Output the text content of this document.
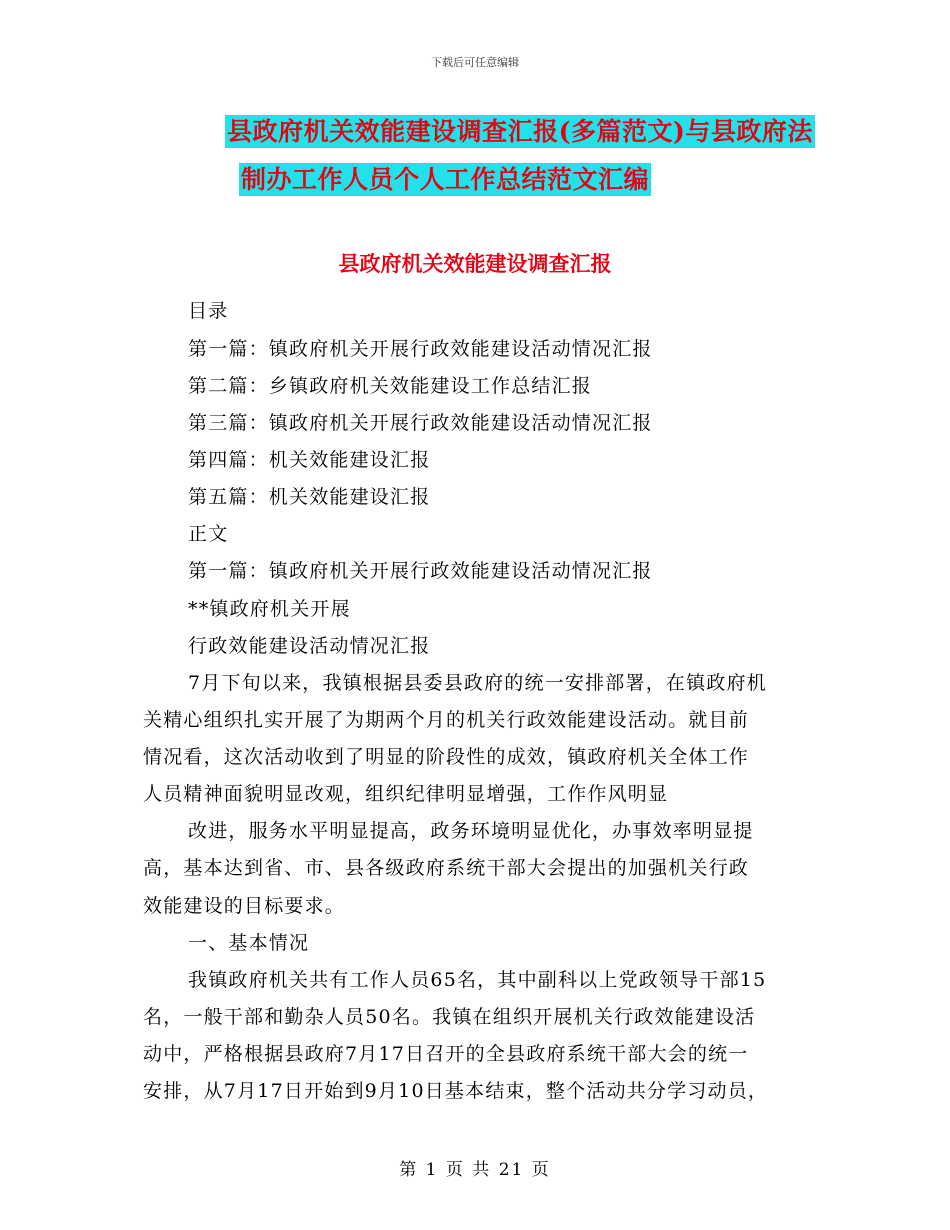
下载后可任意编辑
县政府机关效能建设调查汇报(多篇范文)与县政府法
制办工作人员个人工作总结范文汇编
县政府机关效能建设调查汇报
目录
第一篇：镇政府机关开展行政效能建设活动情况汇报
第二篇：乡镇政府机关效能建设工作总结汇报
第三篇：镇政府机关开展行政效能建设活动情况汇报
第四篇：机关效能建设汇报
第五篇：机关效能建设汇报
正文
第一篇：镇政府机关开展行政效能建设活动情况汇报
**镇政府机关开展
行政效能建设活动情况汇报
7月下旬以来，我镇根据县委县政府的统一安排部署，在镇政府机
关精心组织扎实开展了为期两个月的机关行政效能建设活动。就目前
情况看，这次活动收到了明显的阶段性的成效，镇政府机关全体工作
人员精神面貌明显改观，组织纪律明显增强，工作作风明显
改进，服务水平明显提高，政务环境明显优化，办事效率明显提
高，基本达到省、市、县各级政府系统干部大会提出的加强机关行政
效能建设的目标要求。
一、基本情况
我镇政府机关共有工作人员65名，其中副科以上党政领导干部15
名，一般干部和勤杂人员50名。我镇在组织开展机关行政效能建设活
动中，严格根据县政府7月17日召开的全县政府系统干部大会的统一
安排，从7月17日开始到9月10日基本结束，整个活动共分学习动员，
第 1 页 共 21 页
